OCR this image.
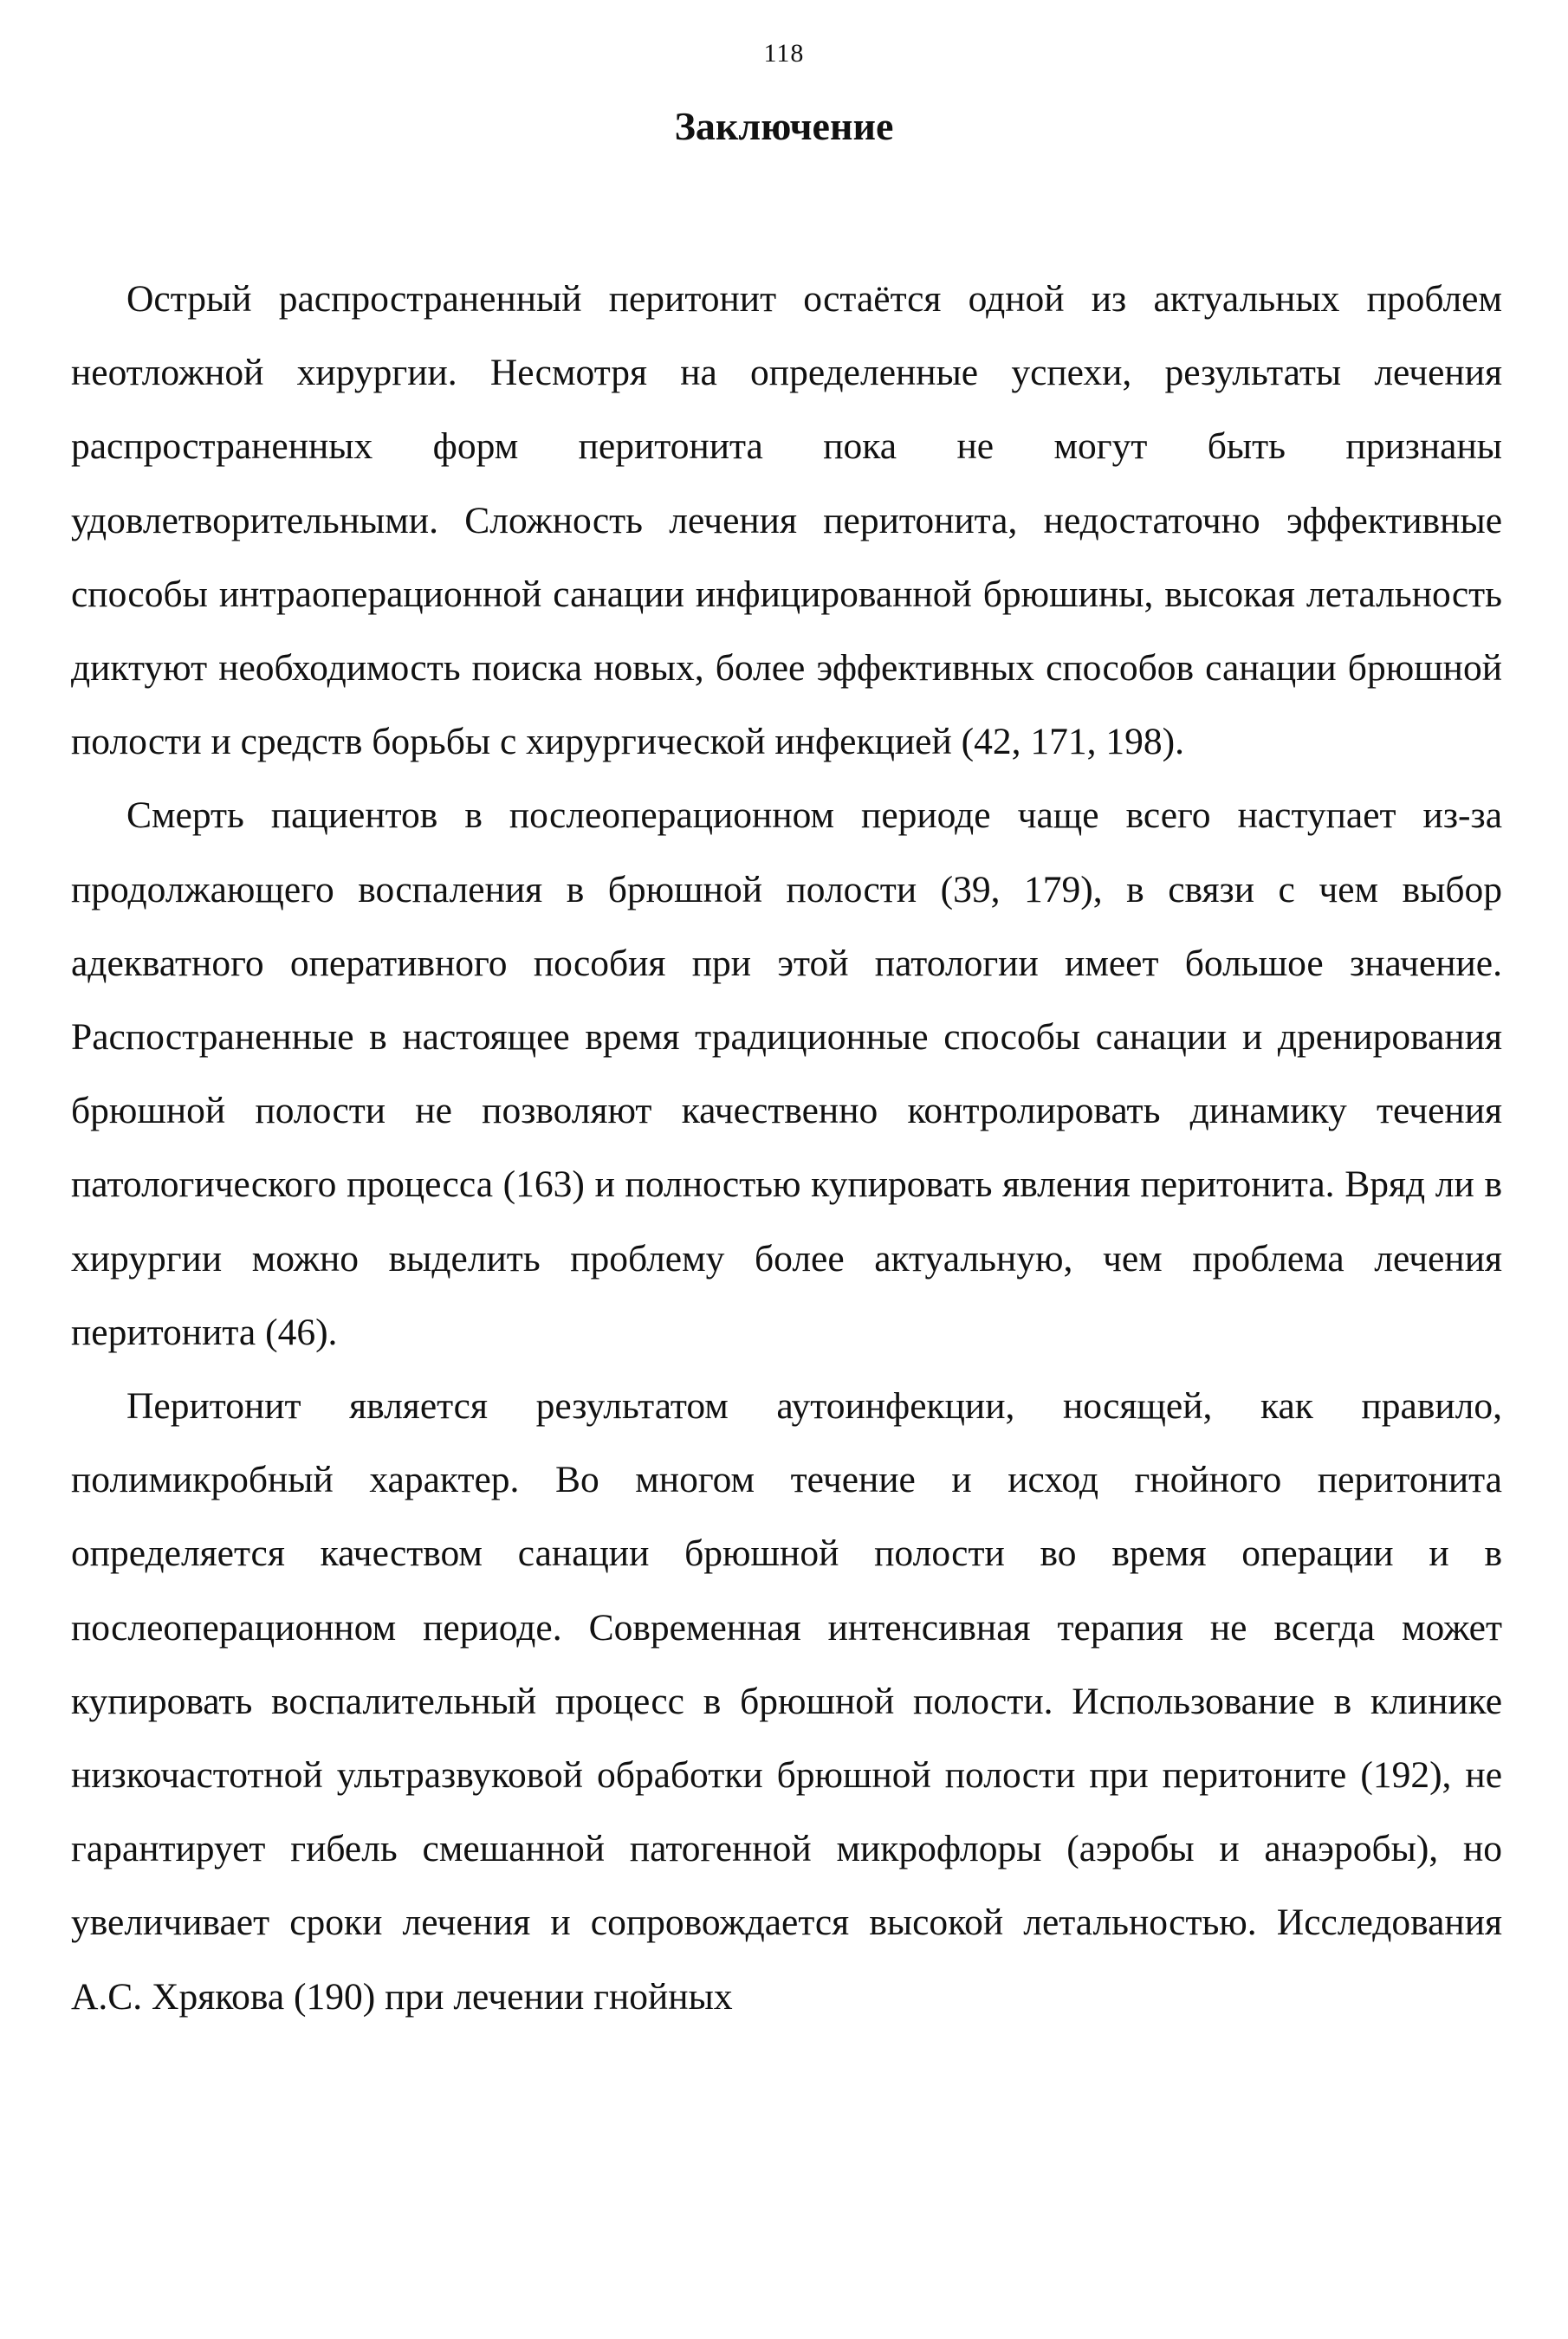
118
Заключение

Острый распространенный перитонит остаётся одной из актуальных проблем неотложной хирургии. Несмотря на определенные успехи, результаты лечения распространенных форм перитонита пока не могут быть признаны удовлетворительными. Сложность лечения перитонита, недостаточно эффективные способы интраоперационной санации инфицированной брюшины, высокая летальность диктуют необходимость поиска новых, более эффективных способов санации брюшной полости и средств борьбы с хирургической инфекцией (42, 171, 198).

Смерть пациентов в послеоперационном периоде чаще всего наступает из-за продолжающего воспаления в брюшной полости (39, 179), в связи с чем выбор адекватного оперативного пособия при этой патологии имеет большое значение. Распостраненные в настоящее время традиционные способы санации и дренирования брюшной полости не позволяют качественно контролировать динамику течения патологического процесса (163) и полностью купировать явления перитонита. Вряд ли в хирургии можно выделить проблему более актуальную, чем проблема лечения перитонита (46).

Перитонит является результатом аутоинфекции, носящей, как правило, полимикробный характер. Во многом течение и исход гнойного перитонита определяется качеством санации брюшной полости во время операции и в послеоперационном периоде. Современная интенсивная терапия не всегда может купировать воспалительный процесс в брюшной полости. Использование в клинике низкочастотной ультразвуковой обработки брюшной полости при перитоните (192), не гарантирует гибель смешанной патогенной микрофлоры (аэробы и анаэробы), но увеличивает сроки лечения и сопровождается высокой летальностью. Исследования А.С. Хрякова (190) при лечении гнойных
